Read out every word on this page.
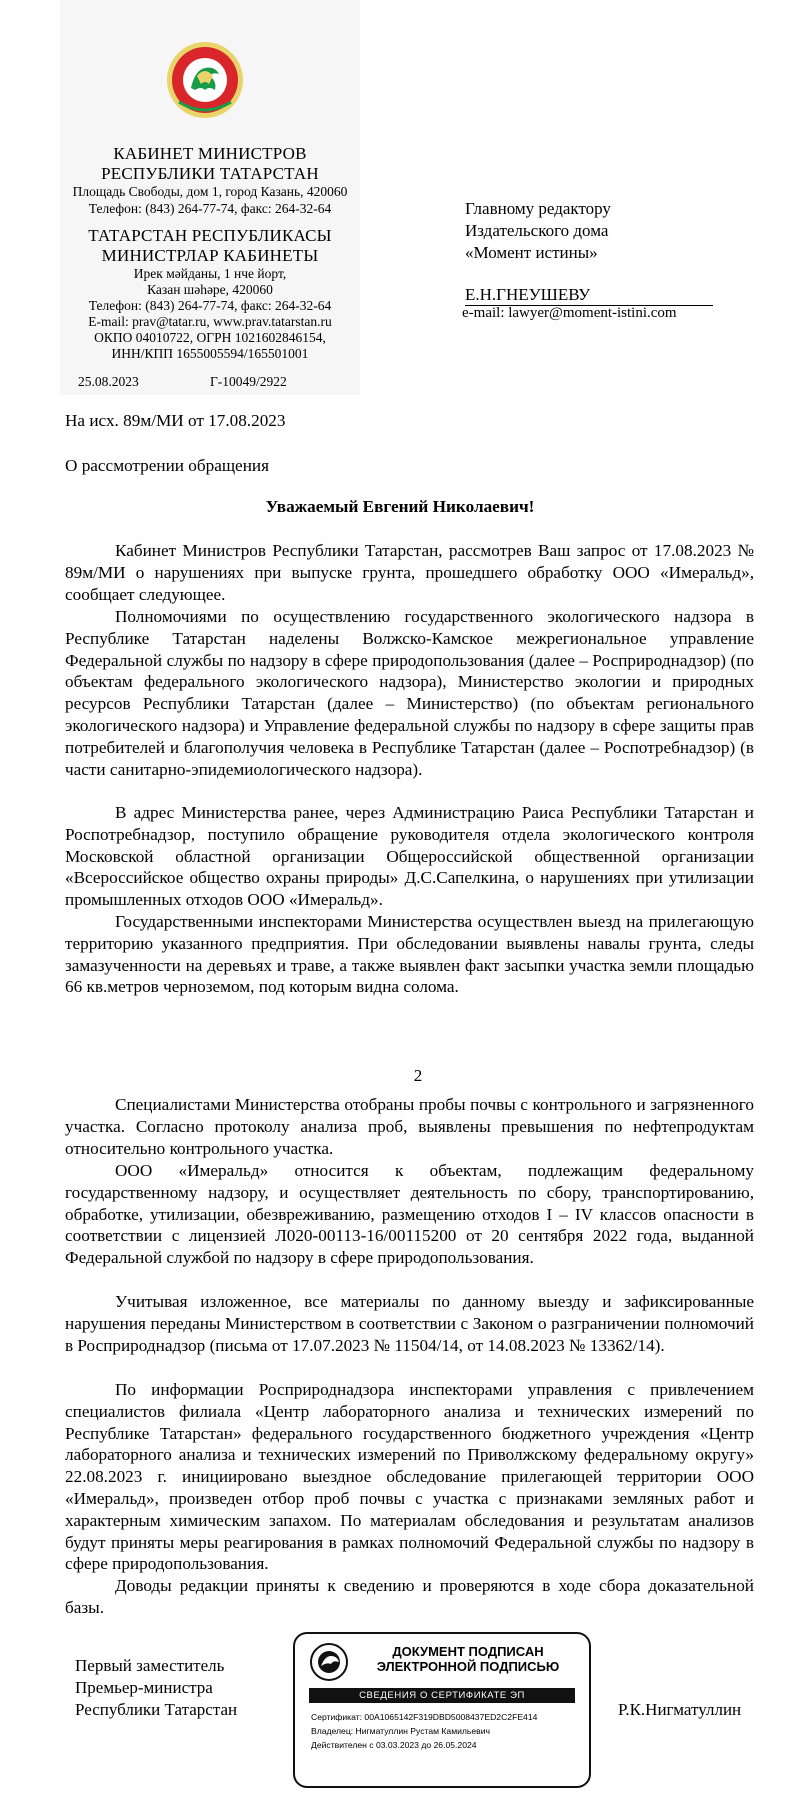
КАБИНЕТ МИНИСТРОВ
РЕСПУБЛИКИ ТАТАРСТАН
Площадь Свободы, дом 1, город Казань, 420060
Телефон: (843) 264-77-74, факс: 264-32-64
ТАТАРСТАН РЕСПУБЛИКАСЫ
МИНИСТРЛАР КАБИНЕТЫ
Ирек мәйданы, 1 нче йорт,
Казан шәһәре, 420060
Телефон: (843) 264-77-74, факс: 264-32-64
E-mail: prav@tatar.ru, www.prav.tatarstan.ru
ОКПО 04010722, ОГРН 1021602846154,
ИНН/КПП 1655005594/165501001
25.08.2023	Г-10049/2922
Главному редактору
Издательского дома
«Момент истины»
Е.Н.ГНЕУШЕВУ
e-mail: lawyer@moment-istini.com
На исх. 89м/МИ от 17.08.2023
О рассмотрении обращения
Уважаемый Евгений Николаевич!

Кабинет Министров Республики Татарстан, рассмотрев Ваш запрос от 17.08.2023 № 89м/МИ о нарушениях при выпуске грунта, прошедшего обработку ООО «Имеральд», сообщает следующее.

Полномочиями по осуществлению государственного экологического надзора в Республике Татарстан наделены Волжско-Камское межрегиональное управление Федеральной службы по надзору в сфере природопользования (далее – Росприроднадзор) (по объектам федерального экологического надзора), Министерство экологии и природных ресурсов Республики Татарстан (далее – Министерство) (по объектам регионального экологического надзора) и Управление федеральной службы по надзору в сфере защиты прав потребителей и благополучия человека в Республике Татарстан (далее – Роспотребнадзор) (в части санитарно-эпидемиологического надзора).

В адрес Министерства ранее, через Администрацию Раиса Республики Татарстан и Роспотребнадзор, поступило обращение руководителя отдела экологического контроля Московской областной организации Общероссийской общественной организации «Всероссийское общество охраны природы» Д.С.Сапелкина, о нарушениях при утилизации промышленных отходов ООО «Имеральд».

Государственными инспекторами Министерства осуществлен выезд на прилегающую территорию указанного предприятия. При обследовании выявлены навалы грунта, следы замазученности на деревьях и траве, а также выявлен факт засыпки участка земли площадью 66 кв.метров черноземом, под которым видна солома.

2

Специалистами Министерства отобраны пробы почвы с контрольного и загрязненного участка. Согласно протоколу анализа проб, выявлены превышения по нефтепродуктам относительно контрольного участка.

ООО «Имеральд» относится к объектам, подлежащим федеральному государственному надзору, и осуществляет деятельность по сбору, транспортированию, обработке, утилизации, обезвреживанию, размещению отходов I – IV классов опасности в соответствии с лицензией Л020-00113-16/00115200 от 20 сентября 2022 года, выданной Федеральной службой по надзору в сфере природопользования.

Учитывая изложенное, все материалы по данному выезду и зафиксированные нарушения переданы Министерством в соответствии с Законом о разграничении полномочий в Росприроднадзор (письма от 17.07.2023 № 11504/14, от 14.08.2023 № 13362/14).

По информации Росприроднадзора инспекторами управления с привлечением специалистов филиала «Центр лабораторного анализа и технических измерений по Республике Татарстан» федерального государственного бюджетного учреждения «Центр лабораторного анализа и технических измерений по Приволжскому федеральному округу» 22.08.2023 г. инициировано выездное обследование прилегающей территории ООО «Имеральд», произведен отбор проб почвы с участка с признаками земляных работ и характерным химическим запахом. По материалам обследования и результатам анализов будут приняты меры реагирования в рамках полномочий Федеральной службы по надзору в сфере природопользования.

Доводы редакции приняты к сведению и проверяются в ходе сбора доказательной базы.

Первый заместитель
Премьер-министра
Республики Татарстан
ДОКУМЕНТ ПОДПИСАН
ЭЛЕКТРОННОЙ ПОДПИСЬЮ
СВЕДЕНИЯ О СЕРТИФИКАТЕ ЭП
Сертификат: 00A1065142F319DBD5008437ED2C2FE414
Владелец: Нигматуллин Рустам Камильевич
Действителен с 03.03.2023 до 26.05.2024
Р.К.Нигматуллин
